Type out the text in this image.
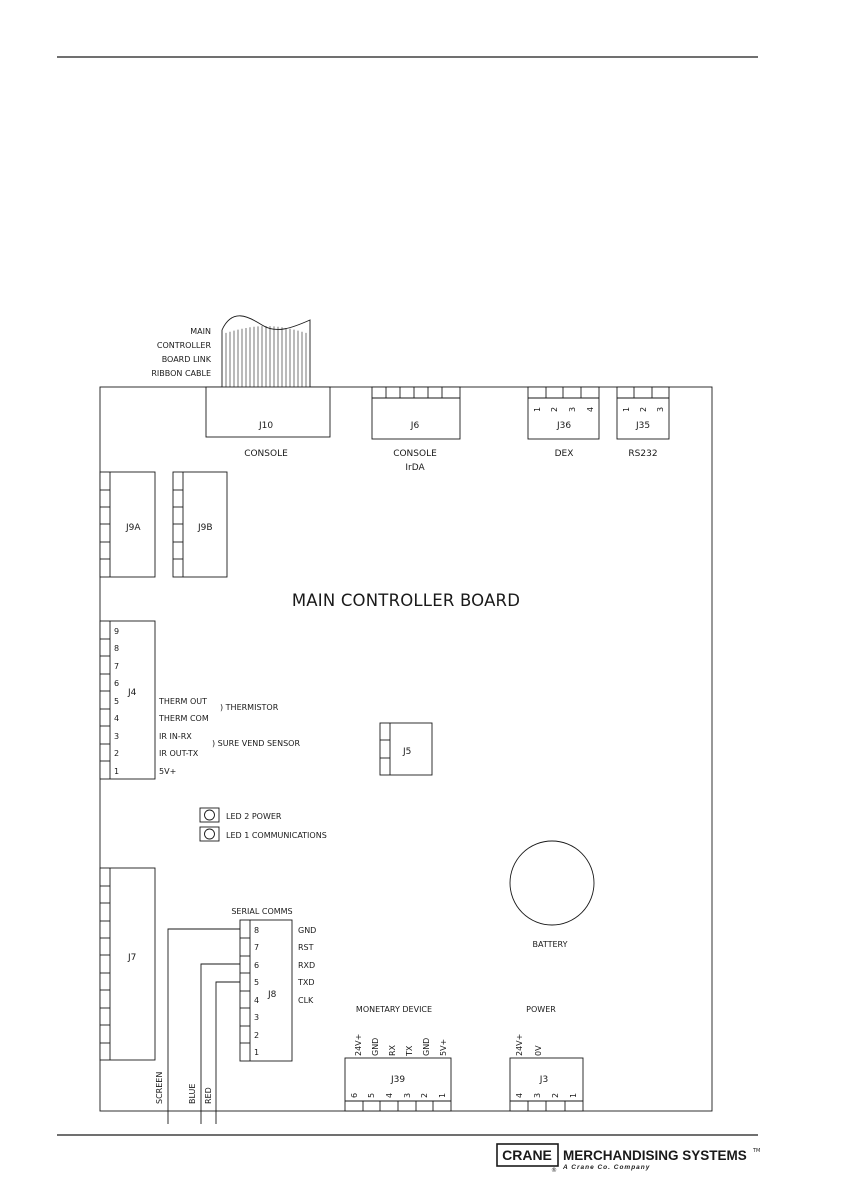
MAIN CONTROLLER BOARD
MAIN
CONTROLLER
BOARD LINK
RIBBON CABLE
J10
CONSOLE
J6
CONSOLE
IrDA
1 2 3 4
J36
DEX
1 2 3
J35
RS232
J9A	J9B
9
8
7
6
5
4
3
2
1
J4
THERM OUT
THERM COM
IR IN-RX
IR OUT-TX
5V+
) THERMISTOR
) SURE VEND SENSOR
J5
LED 2 POWER
LED 1 COMMUNICATIONS
J7
SERIAL COMMS
8
7
6
5
4
3
2
1
J8
GND
RST
RXD
TXD
CLK
SCREEN	BLUE RED
BATTERY
MONETARY DEVICE
24V+ GND RX TX GND 5V+
J39
6 5 4 3 2 1
POWER
24V+ 0V
J3
4 3 2 1
CRANE
®
MERCHANDISING SYSTEMS TM
A Crane Co. Company
